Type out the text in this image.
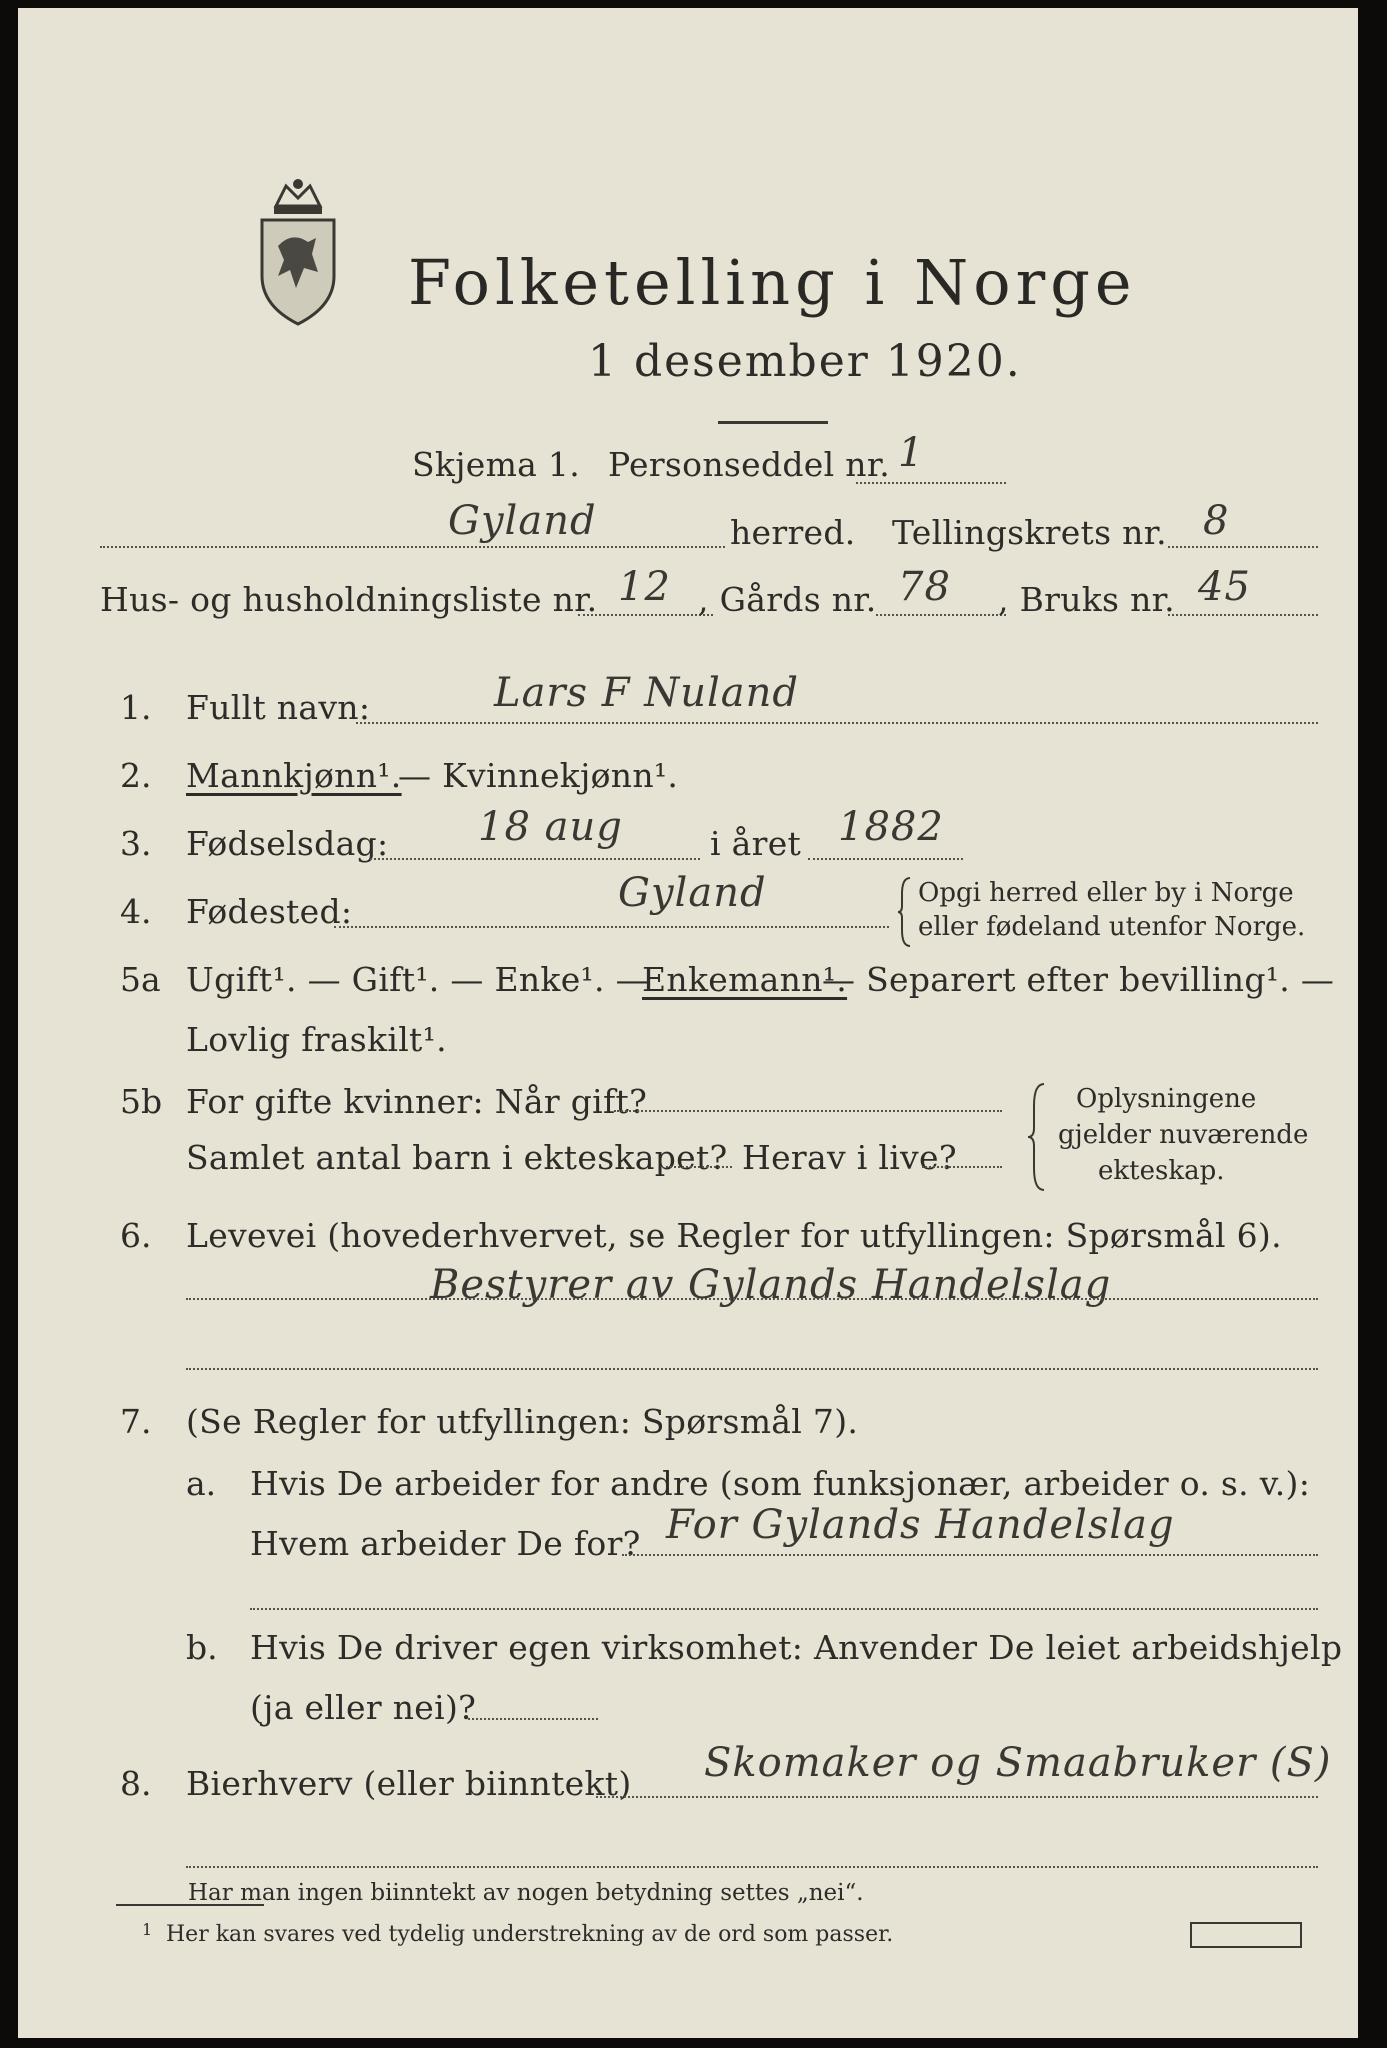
Folketelling i Norge
1 desember 1920.
Skjema 1. Personseddel nr. 1
Gyland	herred. Tellingskrets nr. 8
Hus- og husholdningsliste nr. 12 , Gårds nr. 78 , Bruks nr. 45
1. Fullt navn:	Lars F Nuland
2. Mannkjønn¹.
— Kvinnekjønn¹.
3. Fødselsdag: 18 aug	i året 1882
4. Fødested:	Gyland	Opgi herred eller by i Norge
eller fødeland utenfor Norge.
5a Ugift¹. — Gift¹. — Enke¹. —
Enkemann¹.
— Separert efter bevilling¹. —
Lovlig fraskilt¹.
5b For gifte kvinner: Når gift?
Samlet antal barn i ekteskapet? Herav i live?
Oplysningene
gjelder nuværende
ekteskap.
6. Levevei (hovederhvervet, se Regler for utfyllingen: Spørsmål 6).
Bestyrer av Gylands Handelslag
7. (Se Regler for utfyllingen: Spørsmål 7).
a. Hvis De arbeider for andre (som funksjonær, arbeider o. s. v.):
Hvem arbeider De for? For Gylands Handelslag
b. Hvis De driver egen virksomhet: Anvender De leiet arbeidshjelp
(ja eller nei)?
8. Bierhverv (eller biinntekt) Skomaker og Smaabruker (S)
Har man ingen biinntekt av nogen betydning settes „nei“.
1 Her kan svares ved tydelig understrekning av de ord som passer.
